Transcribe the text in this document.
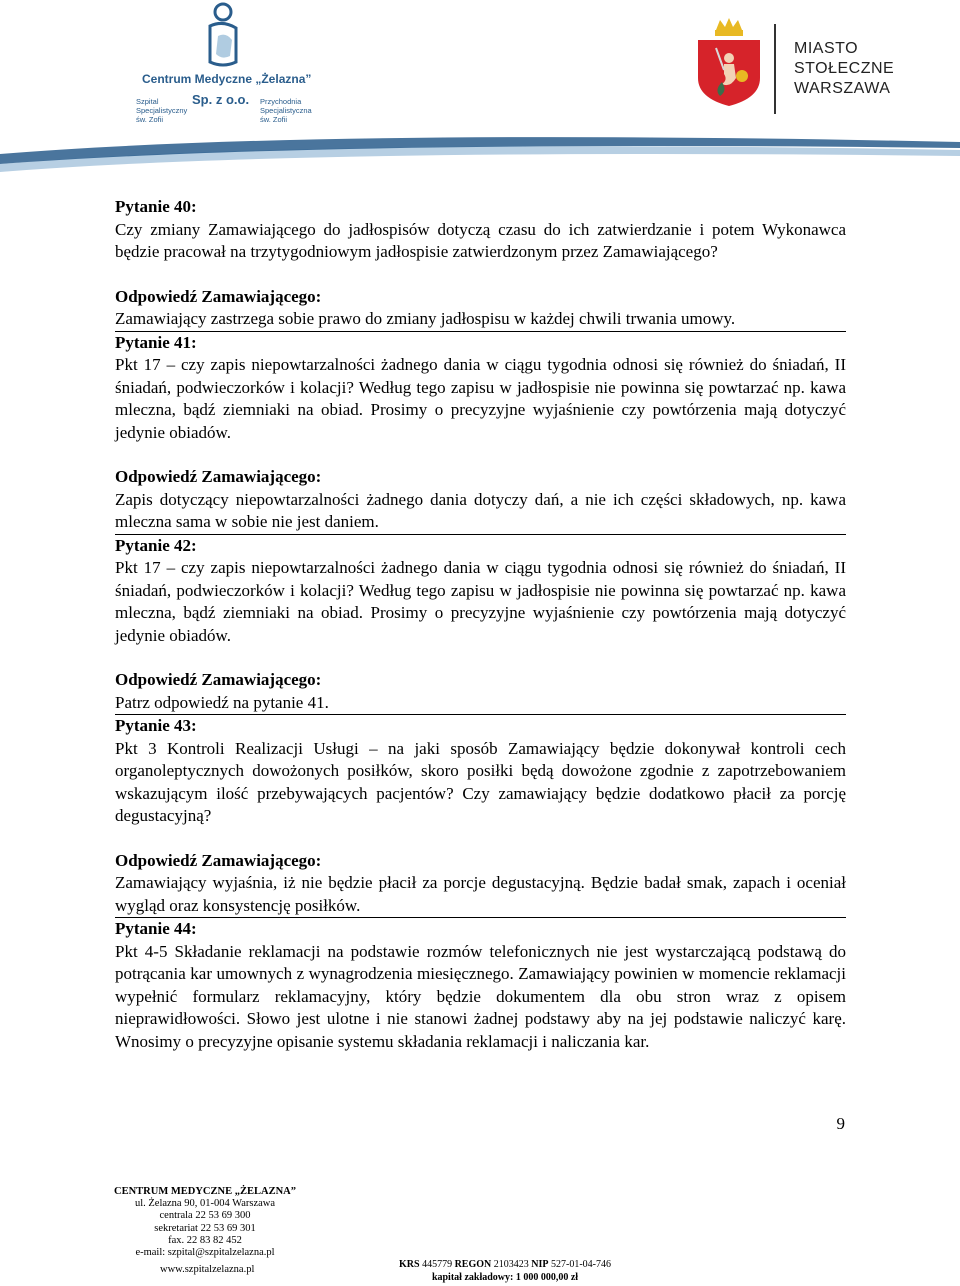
Centrum Medyczne „Żelazna”
Sp. z o.o.
Szpital
Specjalistyczny
św. Zofii
Przychodnia
Specjalistyczna
św. Zofii
MIASTO
STOŁECZNE
WARSZAWA
Pytanie 40:
Czy zmiany Zamawiającego do jadłospisów dotyczą czasu do ich zatwierdzanie i potem Wykonawca będzie pracował na trzytygodniowym jadłospisie zatwierdzonym przez Zamawiającego?
Odpowiedź Zamawiającego:
Zamawiający zastrzega sobie prawo do zmiany jadłospisu w każdej chwili trwania umowy.
Pytanie 41:
Pkt 17 – czy zapis niepowtarzalności żadnego dania w ciągu tygodnia odnosi się również do śniadań, II śniadań, podwieczorków i kolacji? Według tego zapisu w jadłospisie nie powinna się powtarzać np. kawa mleczna, bądź ziemniaki na obiad. Prosimy o precyzyjne wyjaśnienie czy powtórzenia mają dotyczyć jedynie obiadów.
Odpowiedź Zamawiającego:
Zapis dotyczący niepowtarzalności żadnego dania dotyczy dań, a nie ich części składowych, np. kawa mleczna sama w sobie nie jest daniem.
Pytanie 42:
Pkt 17 – czy zapis niepowtarzalności żadnego dania w ciągu tygodnia odnosi się również do śniadań, II śniadań, podwieczorków i kolacji? Według tego zapisu w jadłospisie nie powinna się powtarzać np. kawa mleczna, bądź ziemniaki na obiad. Prosimy o precyzyjne wyjaśnienie czy powtórzenia mają dotyczyć jedynie obiadów.
Odpowiedź Zamawiającego:
Patrz odpowiedź na pytanie 41.
Pytanie 43:
Pkt 3 Kontroli Realizacji Usługi – na jaki sposób Zamawiający będzie dokonywał kontroli cech organoleptycznych dowożonych posiłków, skoro posiłki będą dowożone zgodnie z zapotrzebowaniem wskazującym ilość przebywających pacjentów? Czy zamawiający będzie dodatkowo płacił za porcję degustacyjną?
Odpowiedź Zamawiającego:
Zamawiający wyjaśnia, iż nie będzie płacił za porcje degustacyjną. Będzie badał smak, zapach i oceniał wygląd oraz konsystencję posiłków.
Pytanie 44:
Pkt 4-5 Składanie reklamacji na podstawie rozmów telefonicznych nie jest wystarczającą podstawą do potrącania kar umownych z wynagrodzenia miesięcznego. Zamawiający powinien w momencie reklamacji wypełnić formularz reklamacyjny, który będzie dokumentem dla obu stron wraz z opisem nieprawidłowości. Słowo jest ulotne i nie stanowi żadnej podstawy aby na jej podstawie naliczyć karę. Wnosimy o precyzyjne opisanie systemu składania reklamacji i naliczania kar.
9
CENTRUM MEDYCZNE „ŻELAZNA”
ul. Żelazna 90, 01-004 Warszawa
centrala 22 53 69 300
sekretariat 22 53 69 301
fax. 22 83 82 452
e-mail: szpital@szpitalzelazna.pl
www.szpitalzelazna.pl	KRS 445779 REGON 2103423 NIP 527-01-04-746
kapitał zakładowy: 1 000 000,00 zł
